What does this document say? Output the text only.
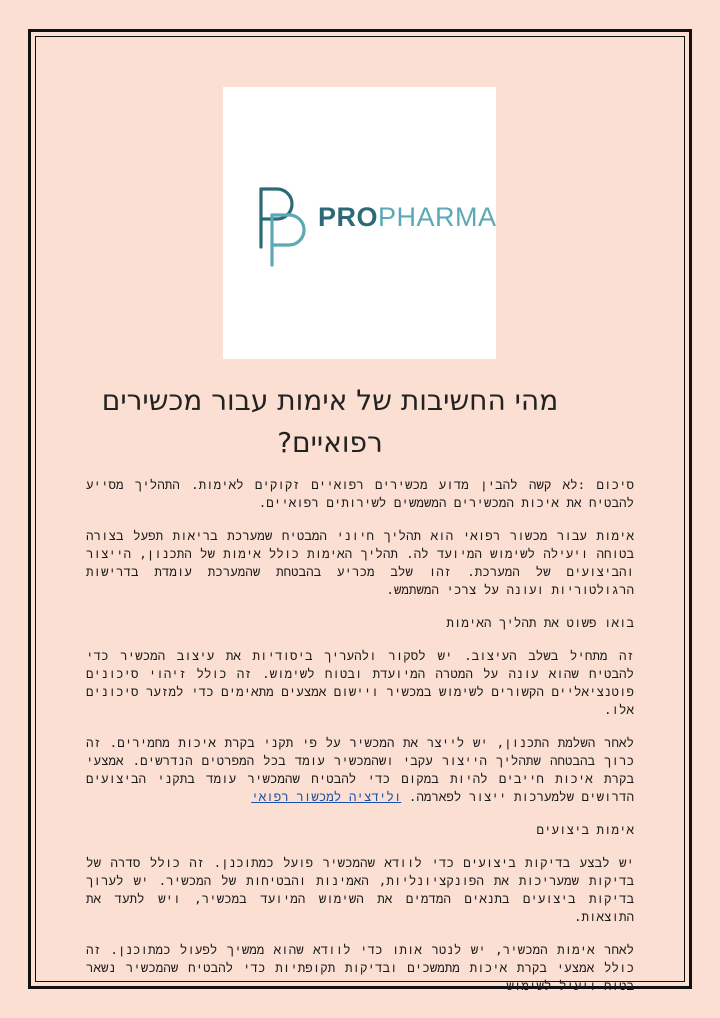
PROPHARMA
מהי החשיבות של אימות עבור מכשירים רפואיים?

סיכום :לא קשה להבין מדוע מכשירים רפואיים זקוקים לאימות. התהליך מסייע להבטיח את איכות המכשירים המשמשים לשירותים רפואיים.

אימות עבור מכשור רפואי הוא תהליך חיוני המבטיח שמערכת בריאות תפעל בצורה בטוחה ויעילה לשימוש המיועד לה. תהליך האימות כולל אימות של התכנון, הייצור והביצועים של המערכת. זהו שלב מכריע בהבטחת שהמערכת עומדת בדרישות הרגולטוריות ועונה על צרכי המשתמש.

בואו פשוט את תהליך האימות

זה מתחיל בשלב העיצוב. יש לסקור ולהעריך ביסודיות את עיצוב המכשיר כדי להבטיח שהוא עונה על המטרה המיועדת ובטוח לשימוש. זה כולל זיהוי סיכונים פוטנציאליים הקשורים לשימוש במכשיר ויישום אמצעים מתאימים כדי למזער סיכונים אלו.

לאחר השלמת התכנון, יש לייצר את המכשיר על פי תקני בקרת איכות מחמירים. זה כרוך בהבטחה שתהליך הייצור עקבי ושהמכשיר עומד בכל המפרטים הנדרשים. אמצעי בקרת איכות חייבים להיות במקום כדי להבטיח שהמכשיר עומד בתקני הביצועים הדרושים שלמערכות ייצור לפארמה. ולידציה למכשור רפואי

אימות ביצועים

יש לבצע בדיקות ביצועים כדי לוודא שהמכשיר פועל כמתוכנן. זה כולל סדרה של בדיקות שמעריכות את הפונקציונליות, האמינות והבטיחות של המכשיר. יש לערוך בדיקות ביצועים בתנאים המדמים את השימוש המיועד במכשיר, ויש לתעד את התוצאות.

לאחר אימות המכשיר, יש לנטר אותו כדי לוודא שהוא ממשיך לפעול כמתוכנן. זה כולל אמצעי בקרת איכות מתמשכים ובדיקות תקופתיות כדי להבטיח שהמכשיר נשאר בטוח ויעיל לשימוש
